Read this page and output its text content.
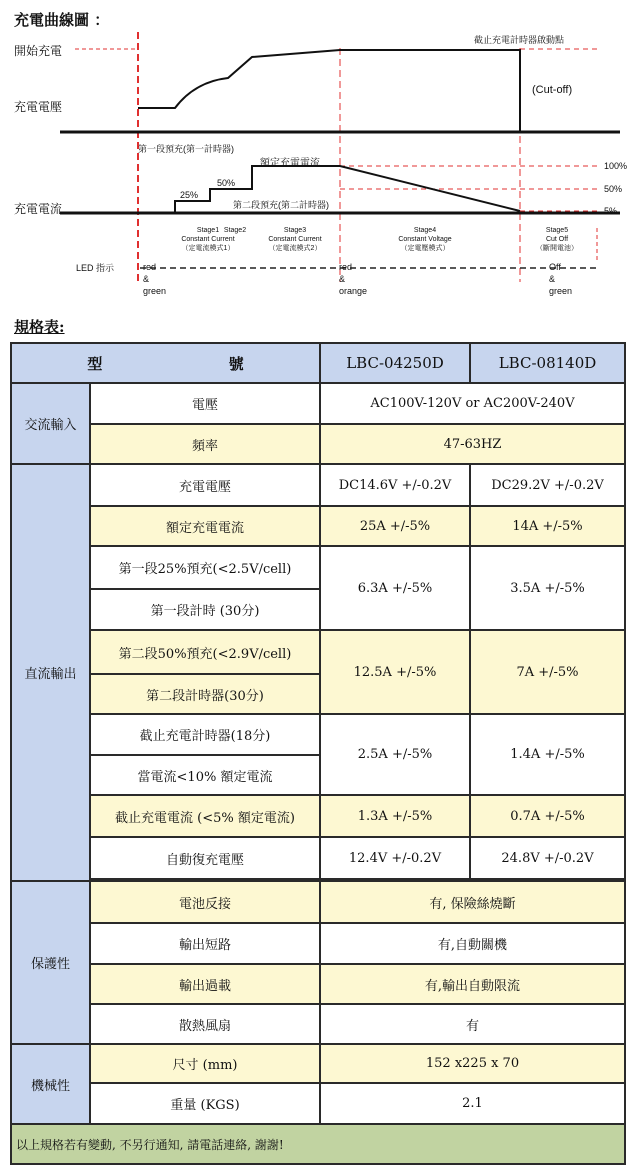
充電曲線圖 ：
開始充電
充電電壓
充電電流
LED 指示
截止充電計時器啟動點
(Cut-off)
第一段預充(第一計時器)
額定充電電流
第二段預充(第二計時器)
100%
50%
5%
25%
50%
Stage1
Constant Current
（定電流模式1）
Stage2	Stage3
Constant Current
（定電流模式2）
Stage4
Constant Voltage
（定電壓模式）
Stage5
Cut Off
（斷開電池）
red
&
green
red
&
orange
Off
&
green
規格表:
型 號		LBC-04250D	LBC-08140D
交流輸入	電壓	AC100V-120V or AC200V-240V	
	頻率	47-63HZ	
直流輸出	充電電壓	DC14.6V +/-0.2V	DC29.2V +/-0.2V
	額定充電電流	25A +/-5%	14A +/-5%
	第一段25%預充(<2.5V/cell)	6.3A +/-5%	3.5A +/-5%
	第一段計時 (30分)		
	第二段50%預充(<2.9V/cell)	12.5A +/-5%	7A +/-5%
	第二段計時器(30分)		
	截止充電計時器(18分)	2.5A +/-5%	1.4A +/-5%
	當電流<10% 額定電流		
	截止充電電流 (<5% 額定電流)	1.3A +/-5%	0.7A +/-5%
	自動復充電壓	12.4V +/-0.2V	24.8V +/-0.2V

保護性	電池反接	有, 保險絲燒斷	
	輸出短路	有,自動關機	
	輸出過載	有,輸出自動限流	
	散熱風扇	有	
機械性	尺寸 (mm)	152 x225 x 70	
	重量 (KGS)	2.1	
以上規格若有變動, 不另行通知, 請電話連絡, 謝謝!			
